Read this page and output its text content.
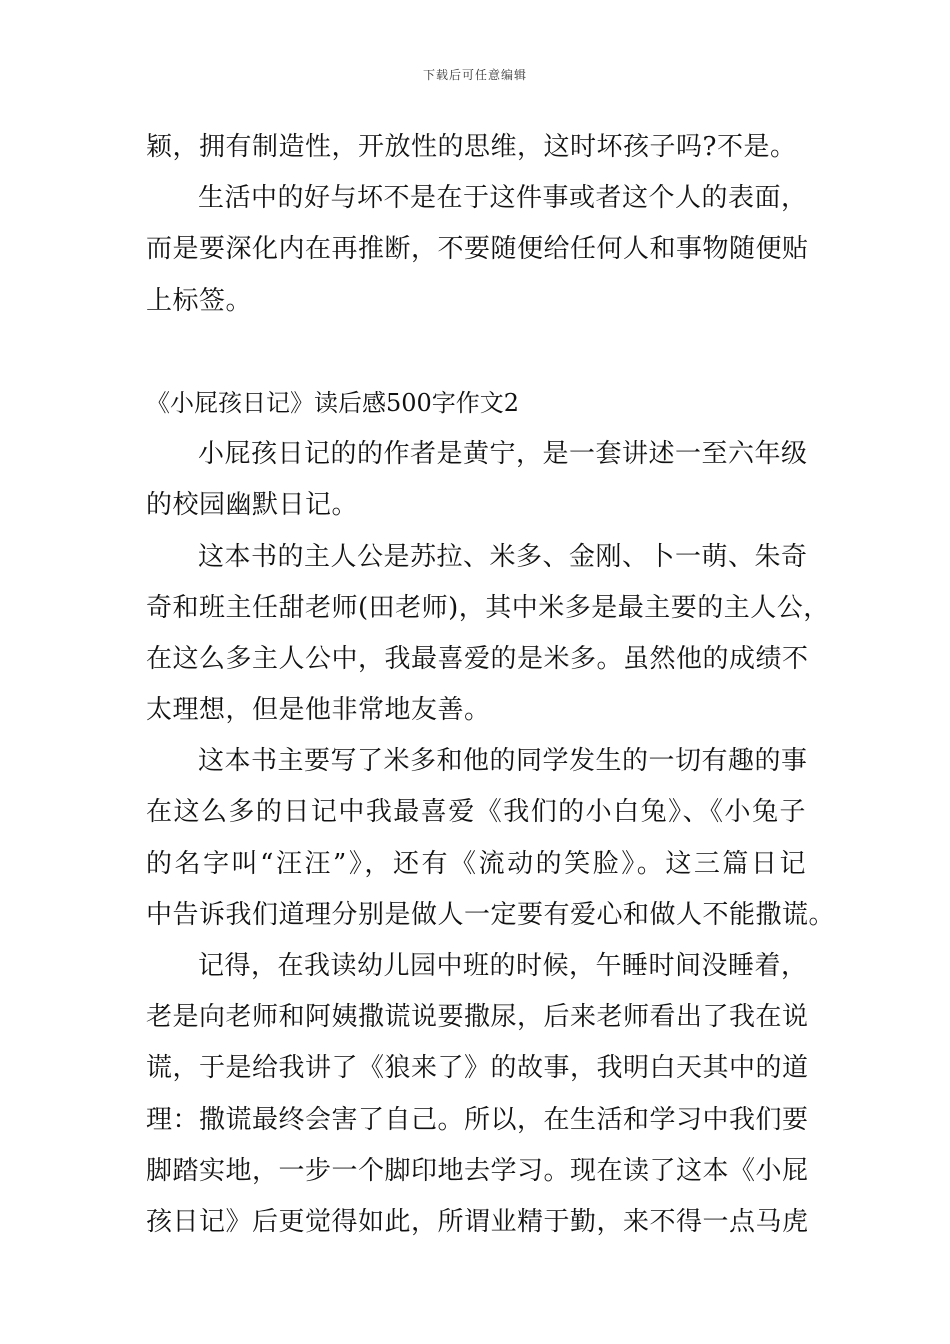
下载后可任意编辑
颖，拥有制造性，开放性的思维，这时坏孩子吗?不是。
生活中的好与坏不是在于这件事或者这个人的表面，
而是要深化内在再推断，不要随便给任何人和事物随便贴
上标签。
《小屁孩日记》读后感500字作文2
小屁孩日记的的作者是黄宁，是一套讲述一至六年级
的校园幽默日记。
这本书的主人公是苏拉、米多、金刚、卜一萌、朱奇
奇和班主任甜老师(田老师)，其中米多是最主要的主人公，
在这么多主人公中，我最喜爱的是米多。虽然他的成绩不
太理想，但是他非常地友善。
这本书主要写了米多和他的同学发生的一切有趣的事
在这么多的日记中我最喜爱《我们的小白兔》、《小兔子
的名字叫“汪汪”》，还有《流动的笑脸》。这三篇日记
中告诉我们道理分别是做人一定要有爱心和做人不能撒谎。
记得，在我读幼儿园中班的时候，午睡时间没睡着，
老是向老师和阿姨撒谎说要撒尿，后来老师看出了我在说
谎，于是给我讲了《狼来了》的故事，我明白天其中的道
理：撒谎最终会害了自己。所以，在生活和学习中我们要
脚踏实地，一步一个脚印地去学习。现在读了这本《小屁
孩日记》后更觉得如此，所谓业精于勤，来不得一点马虎
